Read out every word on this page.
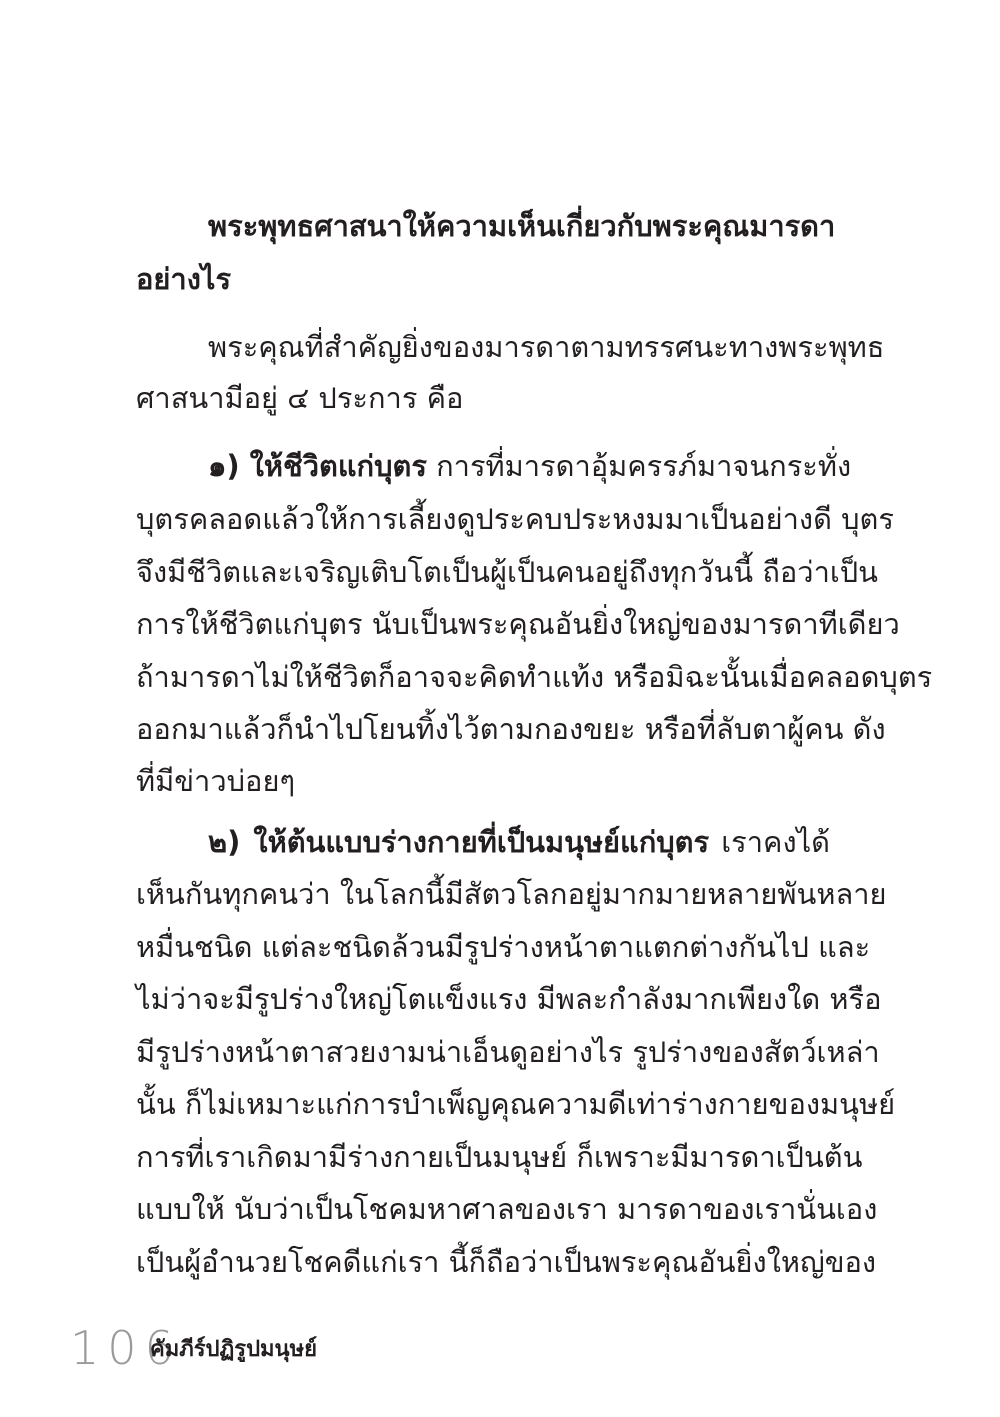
พระพุทธศาสนาให้ความเห็นเกี่ยวกับพระคุณมารดา
อย่างไร
พระคุณที่สำคัญยิ่งของมารดาตามทรรศนะทางพระพุทธ
ศาสนามีอยู่ ๔ ประการ คือ
๑) ให้ชีวิตแก่บุตร การที่มารดาอุ้มครรภ์มาจนกระทั่ง
บุตรคลอดแล้วให้การเลี้ยงดูประคบประหงมมาเป็นอย่างดี บุตร
จึงมีชีวิตและเจริญเติบโตเป็นผู้เป็นคนอยู่ถึงทุกวันนี้ ถือว่าเป็น
การให้ชีวิตแก่บุตร นับเป็นพระคุณอันยิ่งใหญ่ของมารดาทีเดียว
ถ้ามารดาไม่ให้ชีวิตก็อาจจะคิดทำแท้ง หรือมิฉะนั้นเมื่อคลอดบุตร
ออกมาแล้วก็นำไปโยนทิ้งไว้ตามกองขยะ หรือที่ลับตาผู้คน ดัง
ที่มีข่าวบ่อยๆ
๒) ให้ต้นแบบร่างกายที่เป็นมนุษย์แก่บุตร เราคงได้
เห็นกันทุกคนว่า ในโลกนี้มีสัตวโลกอยู่มากมายหลายพันหลาย
หมื่นชนิด แต่ละชนิดล้วนมีรูปร่างหน้าตาแตกต่างกันไป และ
ไม่ว่าจะมีรูปร่างใหญ่โตแข็งแรง มีพละกำลังมากเพียงใด หรือ
มีรูปร่างหน้าตาสวยงามน่าเอ็นดูอย่างไร รูปร่างของสัตว์เหล่า
นั้น ก็ไม่เหมาะแก่การบำเพ็ญคุณความดีเท่าร่างกายของมนุษย์
การที่เราเกิดมามีร่างกายเป็นมนุษย์ ก็เพราะมีมารดาเป็นต้น
แบบให้ นับว่าเป็นโชคมหาศาลของเรา มารดาของเรานั่นเอง
เป็นผู้อำนวยโชคดีแก่เรา นี้ก็ถือว่าเป็นพระคุณอันยิ่งใหญ่ของ
106
คัมภีร์ปฏิรูปมนุษย์
